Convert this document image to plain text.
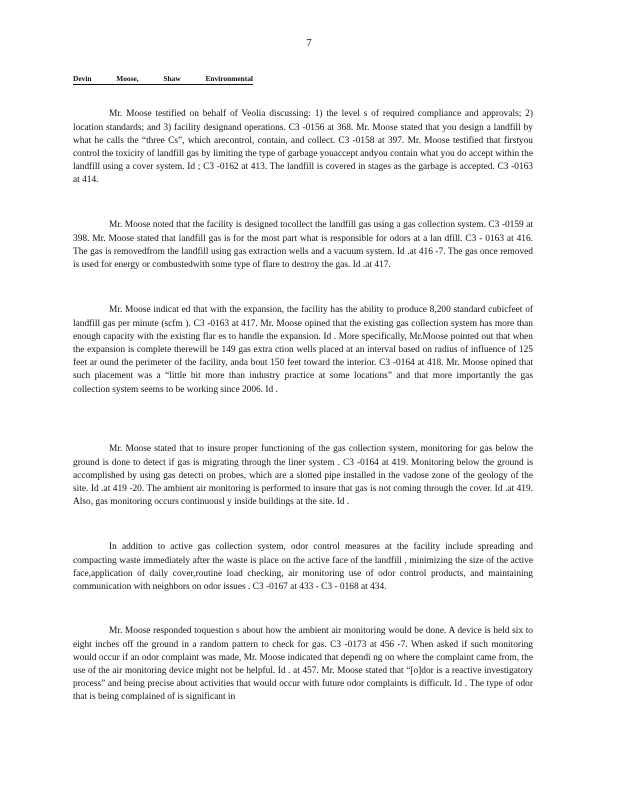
7
Devin	Moose,	Shaw	Environmental

Mr. Moose testified on behalf of Veolia discussing: 1) the level s of required compliance and approvals; 2) location standards; and 3) facility designand operations. C3 -0156 at 368. Mr. Moose stated that you design a landfill by what he calls the “three Cs”, which arecontrol, contain, and collect. C3 -0158 at 397. Mr. Moose testified that firstyou control the toxicity of landfill gas by limiting the type of garbage youaccept andyou contain what you do accept within the landfill using a cover system. Id ; C3 -0162 at 413. The landfill is covered in stages as the garbage is accepted. C3 -0163 at 414.

Mr. Moose noted that the facility is designed tocollect the landfill gas using a gas collection system. C3 -0159 at 398. Mr. Moose stated that landfill gas is for the most part what is responsible for odors at a lan dfill. C3 - 0163 at 416. The gas is removedfrom the landfill using gas extraction wells and a vacuum system. Id .at 416 -7. The gas once removed is used for energy or combustedwith some type of flare to destroy the gas. Id .at 417.

Mr. Moose indicat ed that with the expansion, the facility has the ability to produce 8,200 standard cubicfeet of landfill gas per minute (scfm ). C3 -0163 at 417. Mr. Moose opined that the existing gas collection system has more than enough capacity with the existing flar es to handle the expansion. Id . More specifically, Mr.Moose pointed out that when the expansion is complete therewill be 149 gas extra ction wells placed at an interval based on radius of influence of 125 feet ar ound the perimeter of the facility, anda bout 150 feet toward the interior. C3 -0164 at 418. Mr. Moose opined that such placement was a “little bit more than industry practice at some locations” and that more importantly the gas collection system seems to be working since 2006. Id .

Mr. Moose stated that to insure proper functioning of the gas collection system, monitoring for gas below the ground is done to detect if gas is migrating through the liner system . C3 -0164 at 419. Monitoring below the ground is accomplished by using gas detecti on probes, which are a slotted pipe installed in the vadose zone of the geology of the site. Id .at 419 -20. The ambient air monitoring is performed to insure that gas is not coming through the cover. Id .at 419. Also, gas monitoring occurs continuousl y inside buildings at the site. Id .

In addition to active gas collection system, odor control measures at the facility include spreading and compacting waste immediately after the waste is place on the active face of the landfill , minimizing the size of the active face,application of daily cover,routine load checking, air monitoring use of odor control products, and maintaining communication with neighbors on odor issues . C3 -0167 at 433 - C3 - 0168 at 434.

Mr. Moose responded toquestion s about how the ambient air monitoring would be done. A device is held six to eight inches off the ground in a random pattern to check for gas. C3 -0173 at 456 -7. When asked if such monitoring would occur if an odor complaint was made, Mr. Moose indicated that dependi ng on where the complaint came from, the use of the air monitoring device might not be helpful. Id . at 457. Mr. Moose stated that “[o]dor is a reactive investigatory process” and being precise about activities that would occur with future odor complaints is difficult. Id . The type of odor that is being complained of is significant in
